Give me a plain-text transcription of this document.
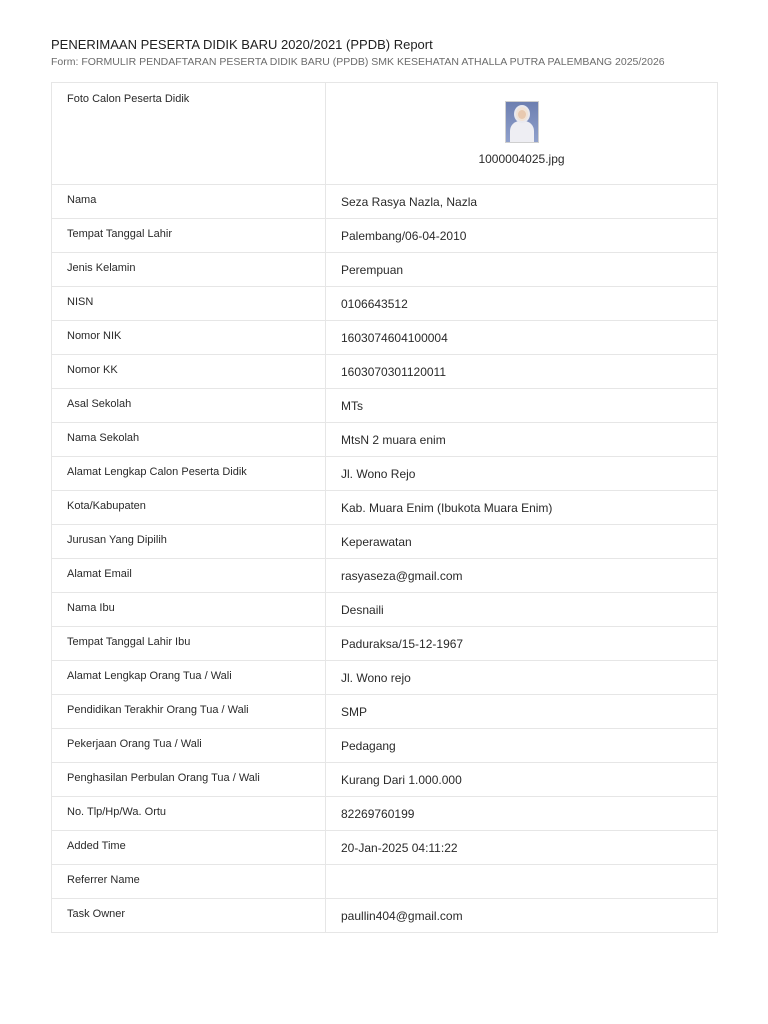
PENERIMAAN PESERTA DIDIK BARU 2020/2021 (PPDB) Report
Form: FORMULIR PENDAFTARAN PESERTA DIDIK BARU (PPDB) SMK KESEHATAN ATHALLA PUTRA PALEMBANG 2025/2026
Foto Calon Peserta Didik	1000004025.jpg

Nama	Seza Rasya Nazla, Nazla
Tempat Tanggal Lahir	Palembang/06-04-2010
Jenis Kelamin	Perempuan
NISN	0106643512
Nomor NIK	1603074604100004
Nomor KK	1603070301120011
Asal Sekolah	MTs
Nama Sekolah	MtsN 2 muara enim
Alamat Lengkap Calon Peserta Didik	Jl. Wono Rejo
Kota/Kabupaten	Kab. Muara Enim (Ibukota Muara Enim)
Jurusan Yang Dipilih	Keperawatan
Alamat Email	rasyaseza@gmail.com
Nama Ibu	Desnaili
Tempat Tanggal Lahir Ibu	Paduraksa/15-12-1967
Alamat Lengkap Orang Tua / Wali	Jl. Wono rejo
Pendidikan Terakhir Orang Tua / Wali	SMP
Pekerjaan Orang Tua / Wali	Pedagang
Penghasilan Perbulan Orang Tua / Wali	Kurang Dari 1.000.000
No. Tlp/Hp/Wa. Ortu	82269760199
Added Time	20-Jan-2025 04:11:22
Referrer Name	
Task Owner	paullin404@gmail.com
